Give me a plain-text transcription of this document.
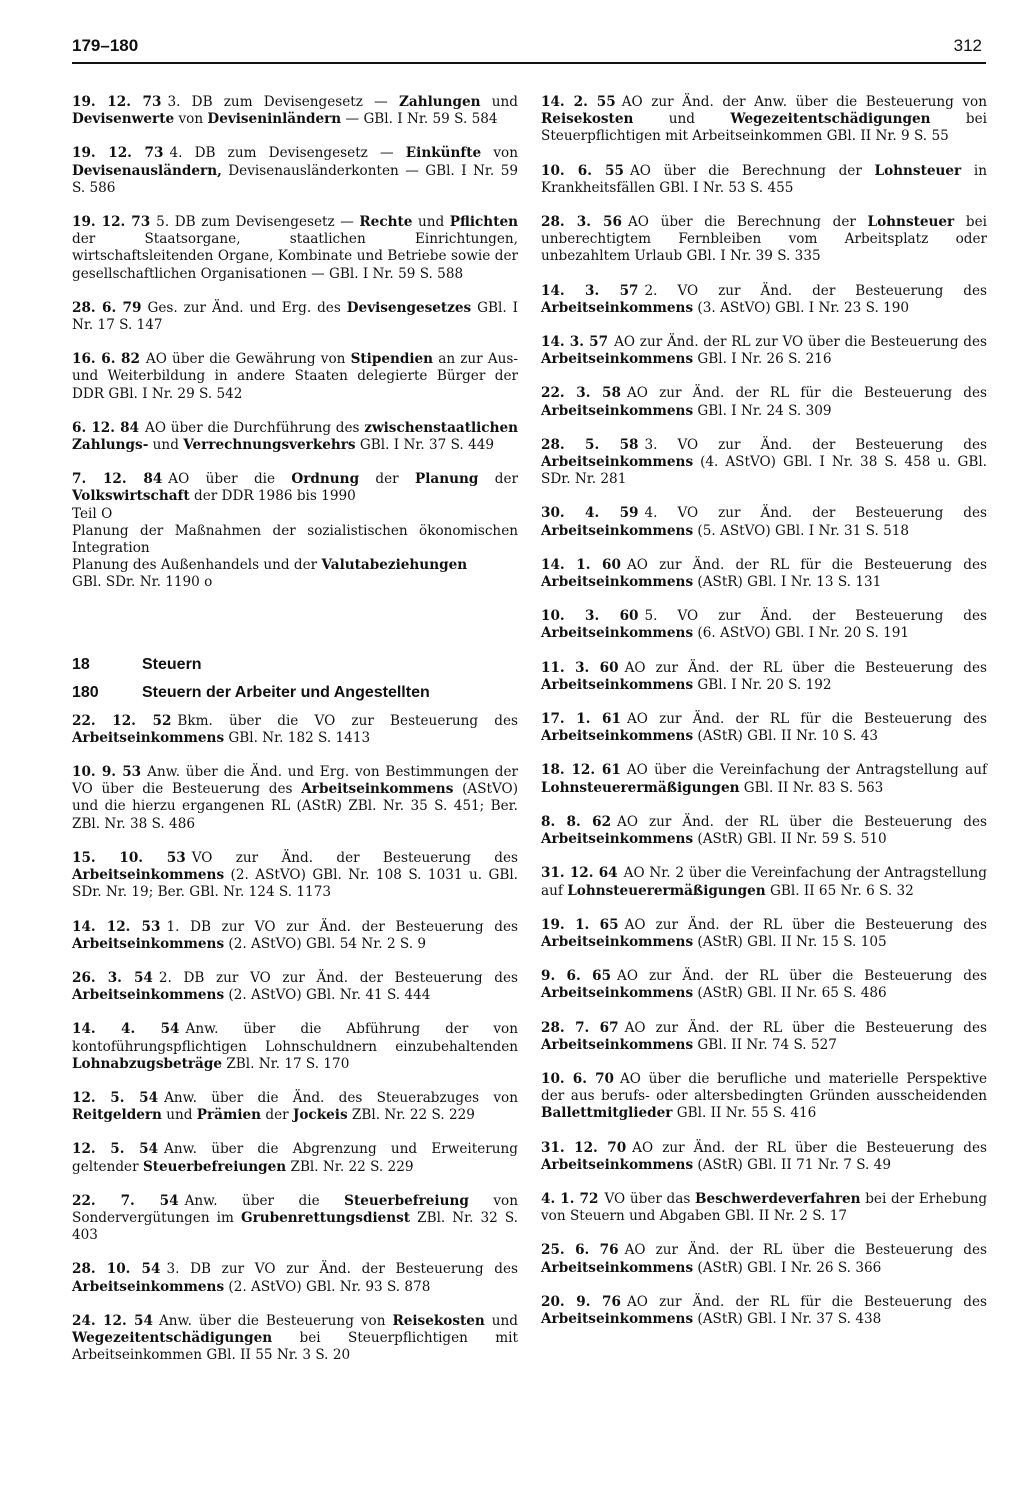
179–180	312
19. 12. 73 3. DB zum Devisengesetz — Zahlungen und Devisenwerte von Deviseninländern — GBl. I Nr. 59 S. 584
19. 12. 73 4. DB zum Devisengesetz — Einkünfte von Devisenausländern, Devisenausländerkonten — GBl. I Nr. 59 S. 586
19. 12. 73 5. DB zum Devisengesetz — Rechte und Pflichten der Staatsorgane, staatlichen Einrichtungen, wirtschaftsleitenden Organe, Kombinate und Betriebe sowie der gesellschaftlichen Organisationen — GBl. I Nr. 59 S. 588
28. 6. 79 Ges. zur Änd. und Erg. des Devisengesetzes GBl. I Nr. 17 S. 147
16. 6. 82 AO über die Gewährung von Stipendien an zur Aus- und Weiterbildung in andere Staaten delegierte Bürger der DDR GBl. I Nr. 29 S. 542
6. 12. 84 AO über die Durchführung des zwischenstaatlichen Zahlungs- und Verrechnungsverkehrs GBl. I Nr. 37 S. 449
7. 12. 84 AO über die Ordnung der Planung der Volkswirtschaft der DDR 1986 bis 1990
Teil O
Planung der Maßnahmen der sozialistischen ökonomischen Integration
Planung des Außenhandels und der Valutabeziehungen
GBl. SDr. Nr. 1190 o

18	Steuern

180	Steuern der Arbeiter und Angestellten

22. 12. 52 Bkm. über die VO zur Besteuerung des Arbeitseinkommens GBl. Nr. 182 S. 1413
10. 9. 53 Anw. über die Änd. und Erg. von Bestimmungen der VO über die Besteuerung des Arbeitseinkommens (AStVO) und die hierzu ergangenen RL (AStR) ZBl. Nr. 35 S. 451; Ber. ZBl. Nr. 38 S. 486
15. 10. 53 VO zur Änd. der Besteuerung des Arbeitseinkommens (2. AStVO) GBl. Nr. 108 S. 1031 u. GBl. SDr. Nr. 19; Ber. GBl. Nr. 124 S. 1173
14. 12. 53 1. DB zur VO zur Änd. der Besteuerung des Arbeitseinkommens (2. AStVO) GBl. 54 Nr. 2 S. 9
26. 3. 54 2. DB zur VO zur Änd. der Besteuerung des Arbeitseinkommens (2. AStVO) GBl. Nr. 41 S. 444
14. 4. 54 Anw. über die Abführung der von kontoführungspflichtigen Lohnschuldnern einzubehaltenden Lohnabzugsbeträge ZBl. Nr. 17 S. 170
12. 5. 54 Anw. über die Änd. des Steuerabzuges von Reitgeldern und Prämien der Jockeis ZBl. Nr. 22 S. 229
12. 5. 54 Anw. über die Abgrenzung und Erweiterung geltender Steuerbefreiungen ZBl. Nr. 22 S. 229
22. 7. 54 Anw. über die Steuerbefreiung von Sondervergütungen im Grubenrettungsdienst ZBl. Nr. 32 S. 403
28. 10. 54 3. DB zur VO zur Änd. der Besteuerung des Arbeitseinkommens (2. AStVO) GBl. Nr. 93 S. 878
24. 12. 54 Anw. über die Besteuerung von Reisekosten und Wegezeitentschädigungen bei Steuerpflichtigen mit Arbeitseinkommen GBl. II 55 Nr. 3 S. 20
14. 2. 55 AO zur Änd. der Anw. über die Besteuerung von Reisekosten und Wegezeitentschädigungen bei Steuerpflichtigen mit Arbeitseinkommen GBl. II Nr. 9 S. 55
10. 6. 55 AO über die Berechnung der Lohnsteuer in Krankheitsfällen GBl. I Nr. 53 S. 455
28. 3. 56 AO über die Berechnung der Lohnsteuer bei unberechtigtem Fernbleiben vom Arbeitsplatz oder unbezahltem Urlaub GBl. I Nr. 39 S. 335
14. 3. 57 2. VO zur Änd. der Besteuerung des Arbeitseinkommens (3. AStVO) GBl. I Nr. 23 S. 190
14. 3. 57 AO zur Änd. der RL zur VO über die Besteuerung des Arbeitseinkommens GBl. I Nr. 26 S. 216
22. 3. 58 AO zur Änd. der RL für die Besteuerung des Arbeitseinkommens GBl. I Nr. 24 S. 309
28. 5. 58 3. VO zur Änd. der Besteuerung des Arbeitseinkommens (4. AStVO) GBl. I Nr. 38 S. 458 u. GBl. SDr. Nr. 281
30. 4. 59 4. VO zur Änd. der Besteuerung des Arbeitseinkommens (5. AStVO) GBl. I Nr. 31 S. 518
14. 1. 60 AO zur Änd. der RL für die Besteuerung des Arbeitseinkommens (AStR) GBl. I Nr. 13 S. 131
10. 3. 60 5. VO zur Änd. der Besteuerung des Arbeitseinkommens (6. AStVO) GBl. I Nr. 20 S. 191
11. 3. 60 AO zur Änd. der RL über die Besteuerung des Arbeitseinkommens GBl. I Nr. 20 S. 192
17. 1. 61 AO zur Änd. der RL für die Besteuerung des Arbeitseinkommens (AStR) GBl. II Nr. 10 S. 43
18. 12. 61 AO über die Vereinfachung der Antragstellung auf Lohnsteuerermäßigungen GBl. II Nr. 83 S. 563
8. 8. 62 AO zur Änd. der RL über die Besteuerung des Arbeitseinkommens (AStR) GBl. II Nr. 59 S. 510
31. 12. 64 AO Nr. 2 über die Vereinfachung der Antragstellung auf Lohnsteuerermäßigungen GBl. II 65 Nr. 6 S. 32
19. 1. 65 AO zur Änd. der RL über die Besteuerung des Arbeitseinkommens (AStR) GBl. II Nr. 15 S. 105
9. 6. 65 AO zur Änd. der RL über die Besteuerung des Arbeitseinkommens (AStR) GBl. II Nr. 65 S. 486
28. 7. 67 AO zur Änd. der RL über die Besteuerung des Arbeitseinkommens GBl. II Nr. 74 S. 527
10. 6. 70 AO über die berufliche und materielle Perspektive der aus berufs- oder altersbedingten Gründen ausscheidenden Ballettmitglieder GBl. II Nr. 55 S. 416
31. 12. 70 AO zur Änd. der RL über die Besteuerung des Arbeitseinkommens (AStR) GBl. II 71 Nr. 7 S. 49
4. 1. 72 VO über das Beschwerdeverfahren bei der Erhebung von Steuern und Abgaben GBl. II Nr. 2 S. 17
25. 6. 76 AO zur Änd. der RL über die Besteuerung des Arbeitseinkommens (AStR) GBl. I Nr. 26 S. 366
20. 9. 76 AO zur Änd. der RL für die Besteuerung des Arbeitseinkommens (AStR) GBl. I Nr. 37 S. 438
